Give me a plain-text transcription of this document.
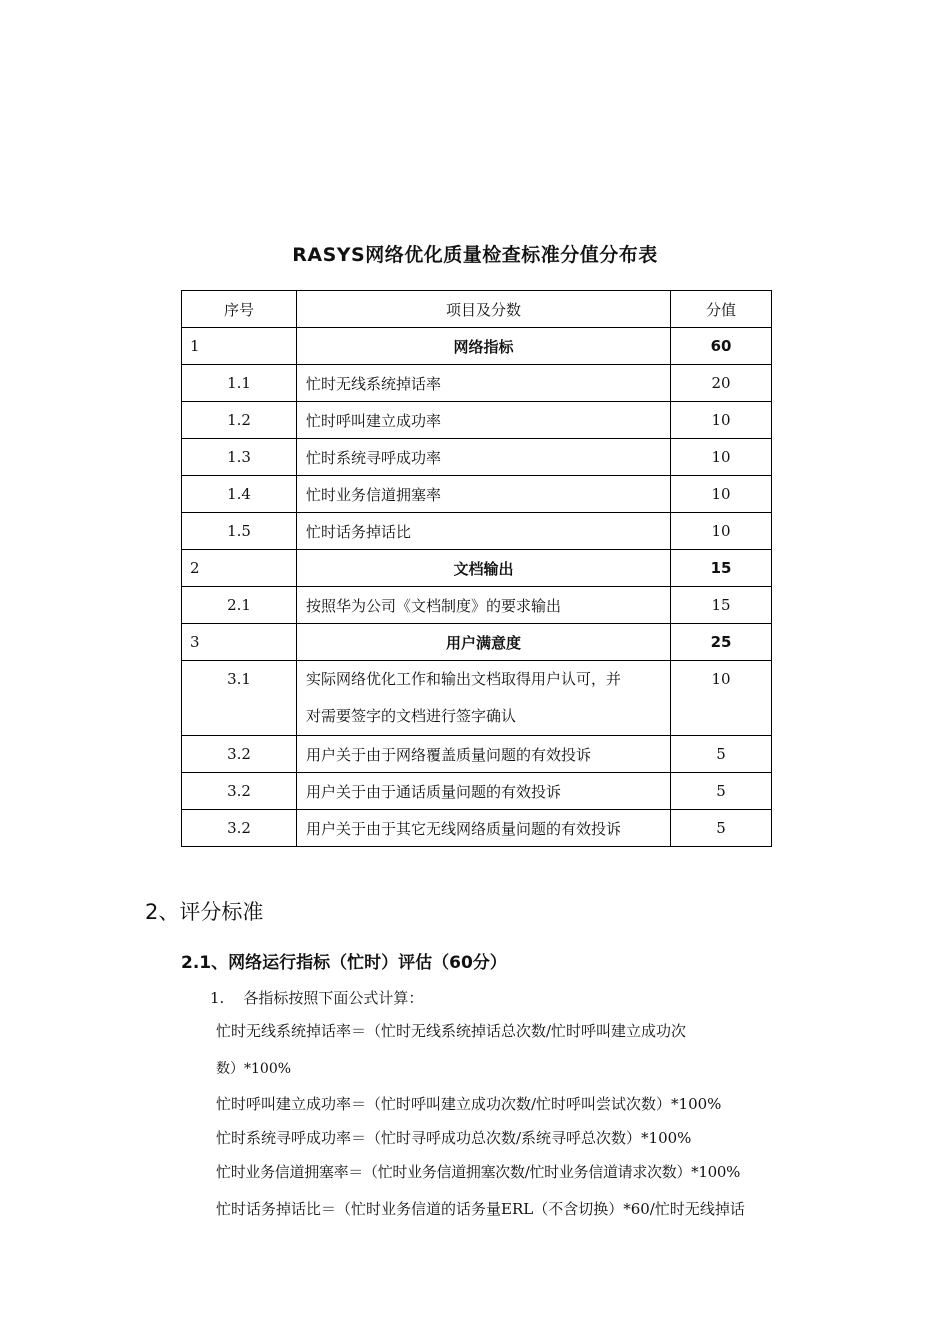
RASYS网络优化质量检查标准分值分布表
序号	项目及分数	分值
1	网络指标	60
1.1	忙时无线系统掉话率	20
1.2	忙时呼叫建立成功率	10
1.3	忙时系统寻呼成功率	10
1.4	忙时业务信道拥塞率	10
1.5	忙时话务掉话比	10
2	文档输出	15
2.1	按照华为公司《文档制度》的要求输出	15
3	用户满意度	25

3.1	实际网络优化工作和输出文档取得用户认可，并
对需要签字的文档进行签字确认	10

3.2	用户关于由于网络覆盖质量问题的有效投诉	5
3.2	用户关于由于通话质量问题的有效投诉	5
3.2	用户关于由于其它无线网络质量问题的有效投诉	5
2、评分标准
2.1、网络运行指标（忙时）评估（60分）
1.    各指标按照下面公式计算：
忙时无线系统掉话率＝（忙时无线系统掉话总次数/忙时呼叫建立成功次
数）*100%
忙时呼叫建立成功率＝（忙时呼叫建立成功次数/忙时呼叫尝试次数）*100%
忙时系统寻呼成功率＝（忙时寻呼成功总次数/系统寻呼总次数）*100%
忙时业务信道拥塞率＝（忙时业务信道拥塞次数/忙时业务信道请求次数）*100%
忙时话务掉话比＝（忙时业务信道的话务量ERL（不含切换）*60/忙时无线掉话
